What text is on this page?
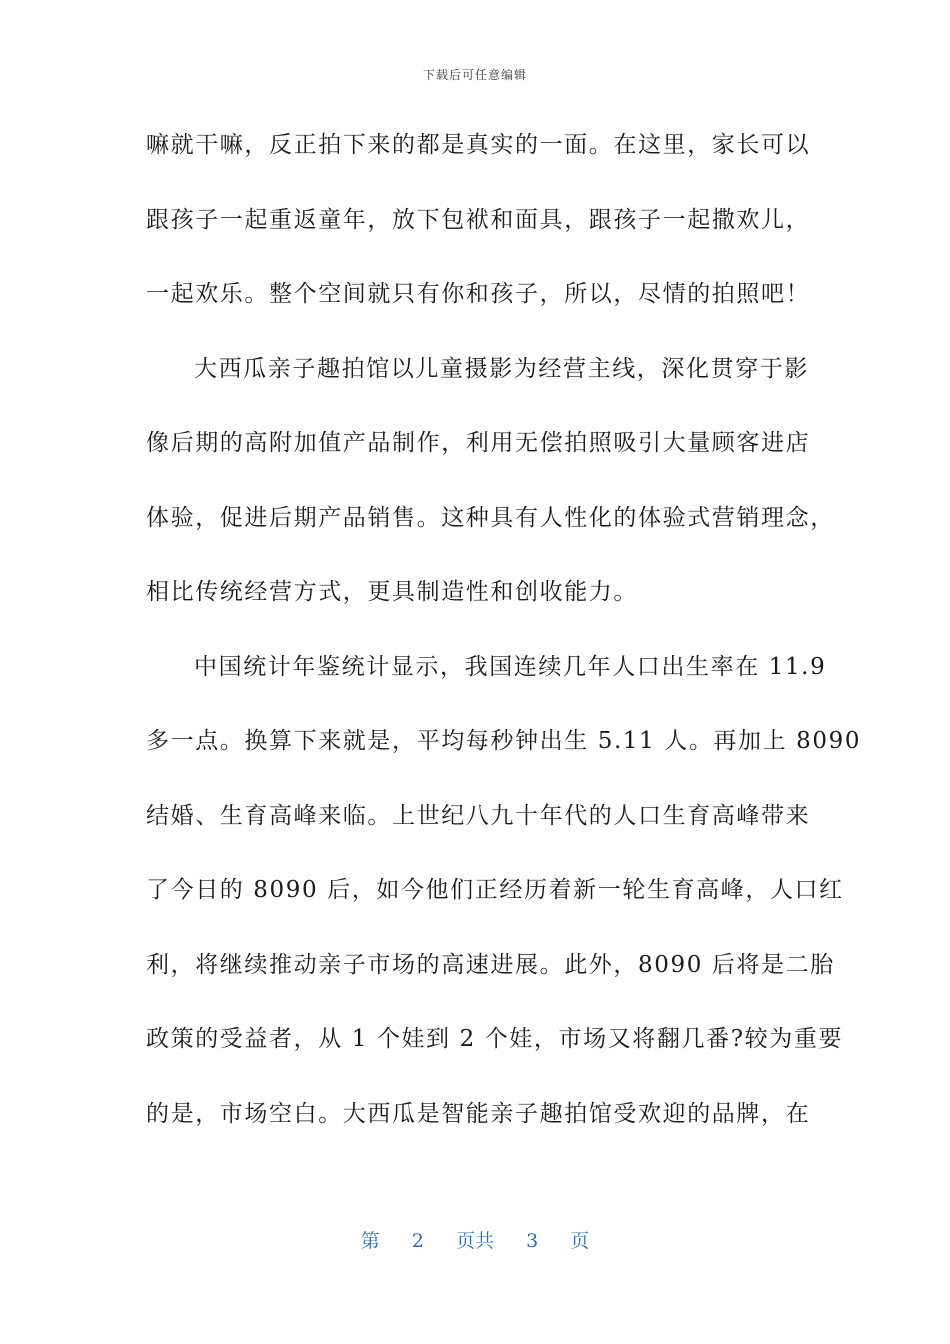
下载后可任意编辑
嘛就干嘛，反正拍下来的都是真实的一面。在这里，家长可以
跟孩子一起重返童年，放下包袱和面具，跟孩子一起撒欢儿，
一起欢乐。整个空间就只有你和孩子，所以，尽情的拍照吧！
大西瓜亲子趣拍馆以儿童摄影为经营主线，深化贯穿于影
像后期的高附加值产品制作，利用无偿拍照吸引大量顾客进店
体验，促进后期产品销售。这种具有人性化的体验式营销理念，
相比传统经营方式，更具制造性和创收能力。
中国统计年鉴统计显示，我国连续几年人口出生率在 11.9
多一点。换算下来就是，平均每秒钟出生 5.11 人。再加上 8090
结婚、生育高峰来临。上世纪八九十年代的人口生育高峰带来
了今日的 8090 后，如今他们正经历着新一轮生育高峰，人口红
利，将继续推动亲子市场的高速进展。此外，8090 后将是二胎
政策的受益者，从 1 个娃到 2 个娃，市场又将翻几番?较为重要
的是，市场空白。大西瓜是智能亲子趣拍馆受欢迎的品牌，在
第 2 页共 3 页
